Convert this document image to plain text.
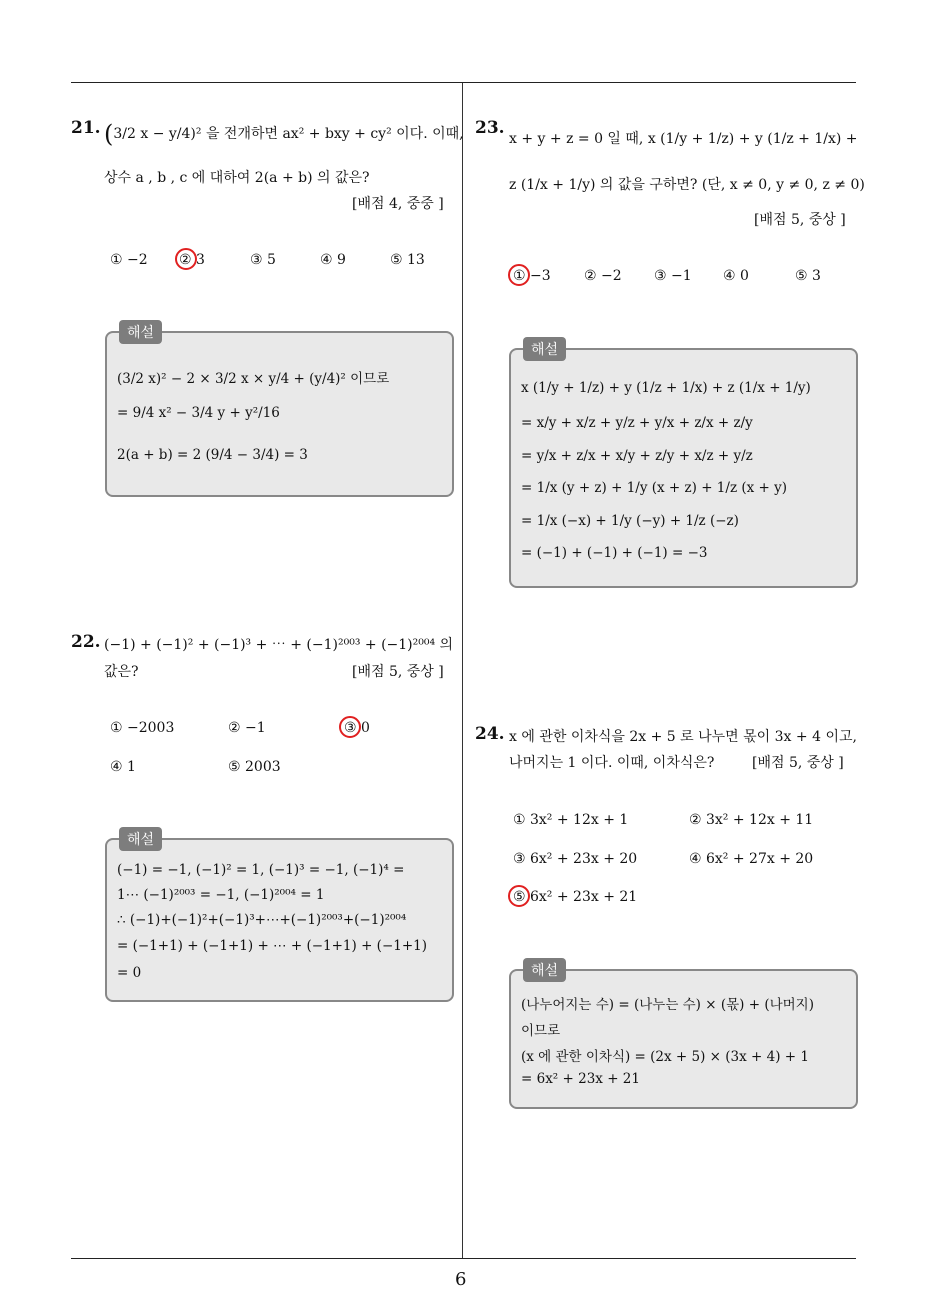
21. (3/2 x − y/4)² 을 전개하면 ax² + bxy + cy² 이다. 이때,
상수 a , b , c 에 대하여 2(a + b) 의 값은?
[배점 4, 중중 ]
① −2 ② 3	③ 5	④ 9	⑤ 13
해설
(3/2 x)² − 2 × 3/2 x × y/4 + (y/4)² 이므로
= 9/4 x² − 3/4 y + y²/16
2(a + b) = 2 (9/4 − 3/4) = 3
22. (−1) + (−1)² + (−1)³ + ⋯ + (−1)²⁰⁰³ + (−1)²⁰⁰⁴ 의
값은?	[배점 5, 중상 ]
① −2003	② −1	③ 0
④ 1	⑤ 2003
해설
(−1) = −1, (−1)² = 1, (−1)³ = −1, (−1)⁴ =
1⋯ (−1)²⁰⁰³ = −1, (−1)²⁰⁰⁴ = 1
∴ (−1)+(−1)²+(−1)³+⋯+(−1)²⁰⁰³+(−1)²⁰⁰⁴
= (−1+1) + (−1+1) + ⋯ + (−1+1) + (−1+1)
= 0
23.
x + y + z = 0 일 때, x (1/y + 1/z) + y (1/z + 1/x) +
z (1/x + 1/y) 의 값을 구하면? (단, x ≠ 0, y ≠ 0, z ≠ 0)
[배점 5, 중상 ]
① −3 ② −2 ③ −1 ④ 0	⑤ 3
해설
x (1/y + 1/z) + y (1/z + 1/x) + z (1/x + 1/y)
= x/y + x/z + y/z + y/x + z/x + z/y
= y/x + z/x + x/y + z/y + x/z + y/z
= 1/x (y + z) + 1/y (x + z) + 1/z (x + y)
= 1/x (−x) + 1/y (−y) + 1/z (−z)
= (−1) + (−1) + (−1) = −3
24. x 에 관한 이차식을 2x + 5 로 나누면 몫이 3x + 4 이고,
나머지는 1 이다. 이때, 이차식은?	[배점 5, 중상 ]
① 3x² + 12x + 1	② 3x² + 12x + 11
③ 6x² + 23x + 20	④ 6x² + 27x + 20
⑤ 6x² + 23x + 21
해설
(나누어지는 수) = (나누는 수) × (몫) + (나머지)
이므로
(x 에 관한 이차식) = (2x + 5) × (3x + 4) + 1
= 6x² + 23x + 21
6
